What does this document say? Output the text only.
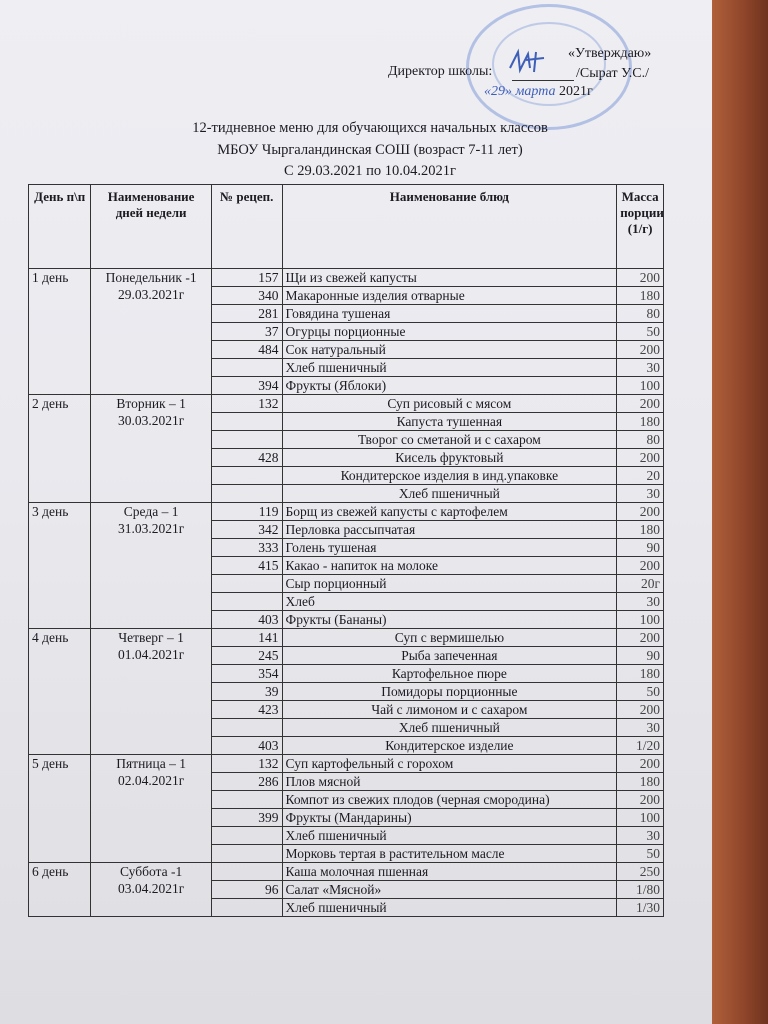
«Утверждаю»
Директор школы:	/Сырат У.С./
«29» марта 2021г
12-тидневное меню для обучающихся начальных классов
МБОУ Чыргаландинская СОШ (возраст 7-11 лет)
С 29.03.2021 по 10.04.2021г
День п\п	Наименование дней недели	№ рецеп.	Наименование блюд	Масса порции (1/г)
1 день	Понедельник -1 29.03.2021г	157	Щи из свежей капусты	200
		340	Макаронные изделия отварные	180
		281	Говядина тушеная	80
		37	Огурцы порционные	50
		484	Сок натуральный	200
			Хлеб пшеничный	30
		394	Фрукты (Яблоки)	100
2 день	Вторник – 1 30.03.2021г	132	Суп рисовый с мясом	200
			Капуста тушенная	180
			Творог со сметаной и с сахаром	80
		428	Кисель фруктовый	200
			Кондитерское изделия в инд.упаковке	20
			Хлеб пшеничный	30
3 день	Среда – 1 31.03.2021г	119	Борщ из свежей капусты с картофелем	200
		342	Перловка рассыпчатая	180
		333	Голень тушеная	90
		415	Какао - напиток на молоке	200
			Сыр порционный	20г
			Хлеб	30
		403	Фрукты (Бананы)	100
4 день	Четверг – 1 01.04.2021г	141	Суп с вермишелью	200
		245	Рыба запеченная	90
		354	Картофельное пюре	180
		39	Помидоры порционные	50
		423	Чай с лимоном и с сахаром	200
			Хлеб пшеничный	30
		403	Кондитерское изделие	1/20
5 день	Пятница – 1 02.04.2021г	132	Суп картофельный с горохом	200
		286	Плов мясной	180
			Компот из свежих плодов (черная смородина)	200
		399	Фрукты (Мандарины)	100
			Хлеб пшеничный	30
			Морковь тертая в растительном масле	50
6 день	Суббота -1 03.04.2021г		Каша молочная пшенная	250
		96	Салат «Мясной»	1/80
			Хлеб пшеничный	1/30
